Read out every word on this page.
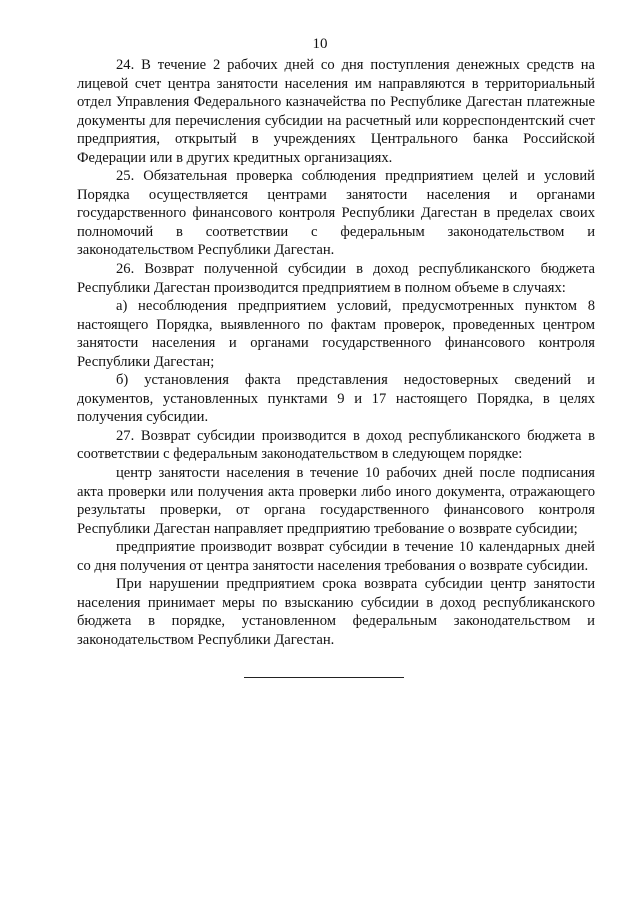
10

24. В течение 2 рабочих дней со дня поступления денежных средств на лицевой счет центра занятости населения им направляются в территориальный отдел Управления Федерального казначейства по Республике Дагестан платежные документы для перечисления субсидии на расчетный или корреспондентский счет предприятия, открытый в учреждениях Центрального банка Российской Федерации или в других кредитных организациях.

25. Обязательная проверка соблюдения предприятием целей и условий Порядка осуществляется центрами занятости населения и органами государственного финансового контроля Республики Дагестан в пределах своих полномочий в соответствии с федеральным законодательством и законодательством Республики Дагестан.

26. Возврат полученной субсидии в доход республиканского бюджета Республики Дагестан производится предприятием в полном объеме в случаях:

а) несоблюдения предприятием условий, предусмотренных пунктом 8 настоящего Порядка, выявленного по фактам проверок, проведенных центром занятости населения и органами государственного финансового контроля Республики Дагестан;

б) установления факта представления недостоверных сведений и документов, установленных пунктами 9 и 17 настоящего Порядка, в целях получения субсидии.

27. Возврат субсидии производится в доход республиканского бюджета в соответствии с федеральным законодательством в следующем порядке:

центр занятости населения в течение 10 рабочих дней после подписания акта проверки или получения акта проверки либо иного документа, отражающего результаты проверки, от органа государственного финансового контроля Республики Дагестан направляет предприятию требование о возврате субсидии;

предприятие производит возврат субсидии в течение 10 календарных дней со дня получения от центра занятости населения требования о возврате субсидии.

При нарушении предприятием срока возврата субсидии центр занятости населения принимает меры по взысканию субсидии в доход республиканского бюджета в порядке, установленном федеральным законодательством и законодательством Республики Дагестан.
